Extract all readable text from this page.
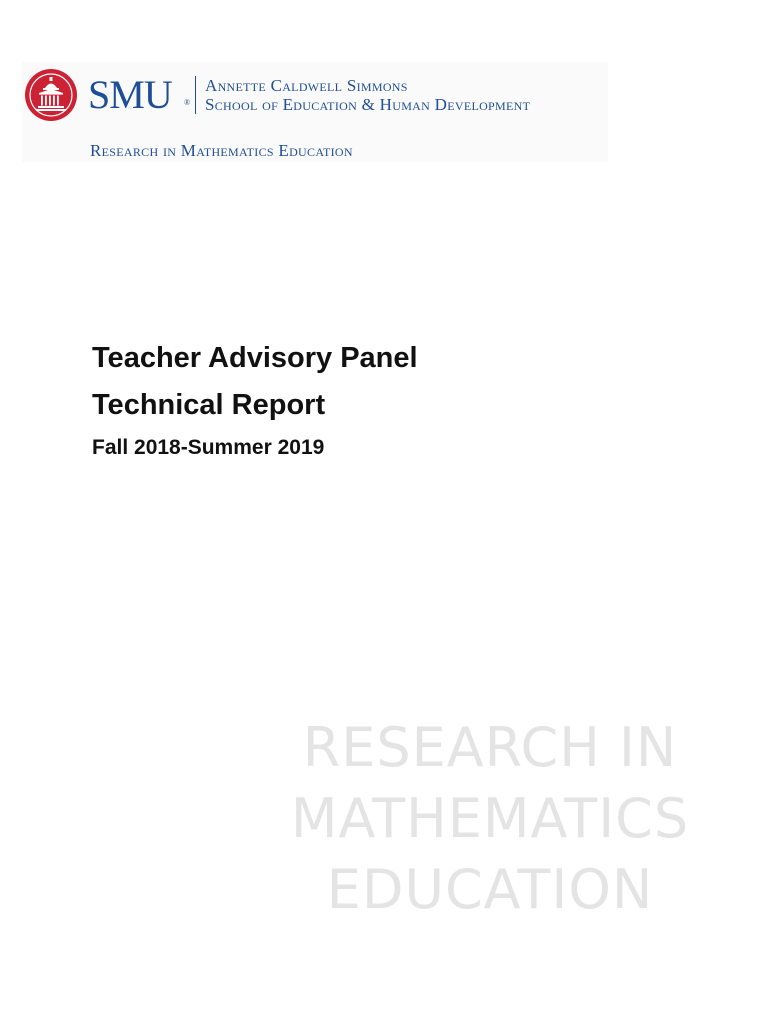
SMU ®
Annette Caldwell Simmons
School of Education & Human Development
Research in Mathematics Education
Teacher Advisory Panel
Technical Report
Fall 2018-Summer 2019
RESEARCH IN
MATHEMATICS
EDUCATION
